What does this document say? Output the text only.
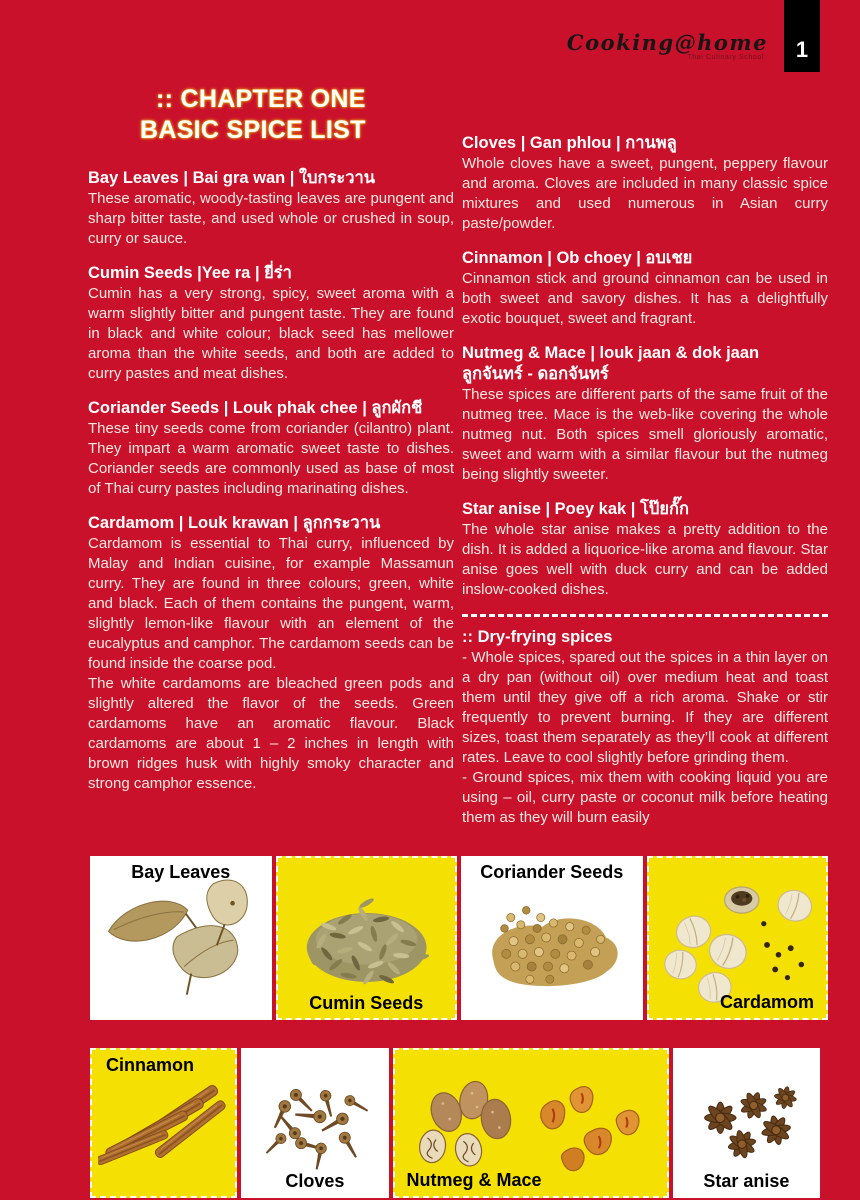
Cooking@home
Thai Culinary School 1
:: CHAPTER ONE
BASIC SPICE LIST
Bay Leaves | Bai gra wan | ใบกระวาน

These aromatic, woody-tasting leaves are pungent and sharp bitter taste, and used whole or crushed in soup, curry or sauce.

Cumin Seeds |Yee ra | ยี่ร่า

Cumin has a very strong, spicy, sweet aroma with a warm slightly bitter and pungent taste. They are found in black and white colour; black seed has mellower aroma than the white seeds, and both are added to curry pastes and meat dishes.

Coriander Seeds | Louk phak chee | ลูกผักชี

These tiny seeds come from coriander (cilantro) plant. They impart a warm aromatic sweet taste to dishes. Coriander seeds are commonly used as base of most of Thai curry pastes including marinating dishes.

Cardamom | Louk krawan | ลูกกระวาน

Cardamom is essential to Thai curry, influenced by Malay and Indian cuisine, for example Massamun curry. They are found in three colours; green, white and black. Each of them contains the pungent, warm, slightly lemon-like flavour with an element of the eucalyptus and camphor. The cardamom seeds can be found inside the coarse pod.

The white cardamoms are bleached green pods and slightly altered the flavor of the seeds. Green cardamoms have an aromatic flavour. Black cardamoms are about 1 – 2 inches in length with brown ridges husk with highly smoky character and strong camphor essence.

Cloves | Gan phlou | กานพลู

Whole cloves have a sweet, pungent, peppery flavour and aroma. Cloves are included in many classic spice mixtures and used numerous in Asian curry paste/powder.

Cinnamon | Ob choey | อบเชย

Cinnamon stick and ground cinnamon can be used in both sweet and savory dishes. It has a delightfully exotic bouquet, sweet and fragrant.

Nutmeg & Mace | louk jaan & dok jaan
ลูกจันทร์ - ดอกจันทร์

These spices are different parts of the same fruit of the nutmeg tree. Mace is the web-like covering the whole nutmeg nut. Both spices smell gloriously aromatic, sweet and warm with a similar flavour but the nutmeg being slightly sweeter.

Star anise | Poey kak | โป๊ยกั๊ก

The whole star anise makes a pretty addition to the dish. It is added a liquorice-like aroma and flavour. Star anise goes well with duck curry and can be added inslow-cooked dishes.

:: Dry-frying spices

- Whole spices, spared out the spices in a thin layer on a dry pan (without oil) over medium heat and toast them until they give off a rich aroma. Shake or stir frequently to prevent burning. If they are different sizes, toast them separately as they’ll cook at different rates. Leave to cool slightly before grinding them.

- Ground spices, mix them with cooking liquid you are using – oil, curry paste or coconut milk before heating them as they will burn easily

Bay Leaves
Cumin Seeds
Coriander Seeds
Cardamom
Cinnamon
Cloves	Nutmeg & Mace	Star anise
